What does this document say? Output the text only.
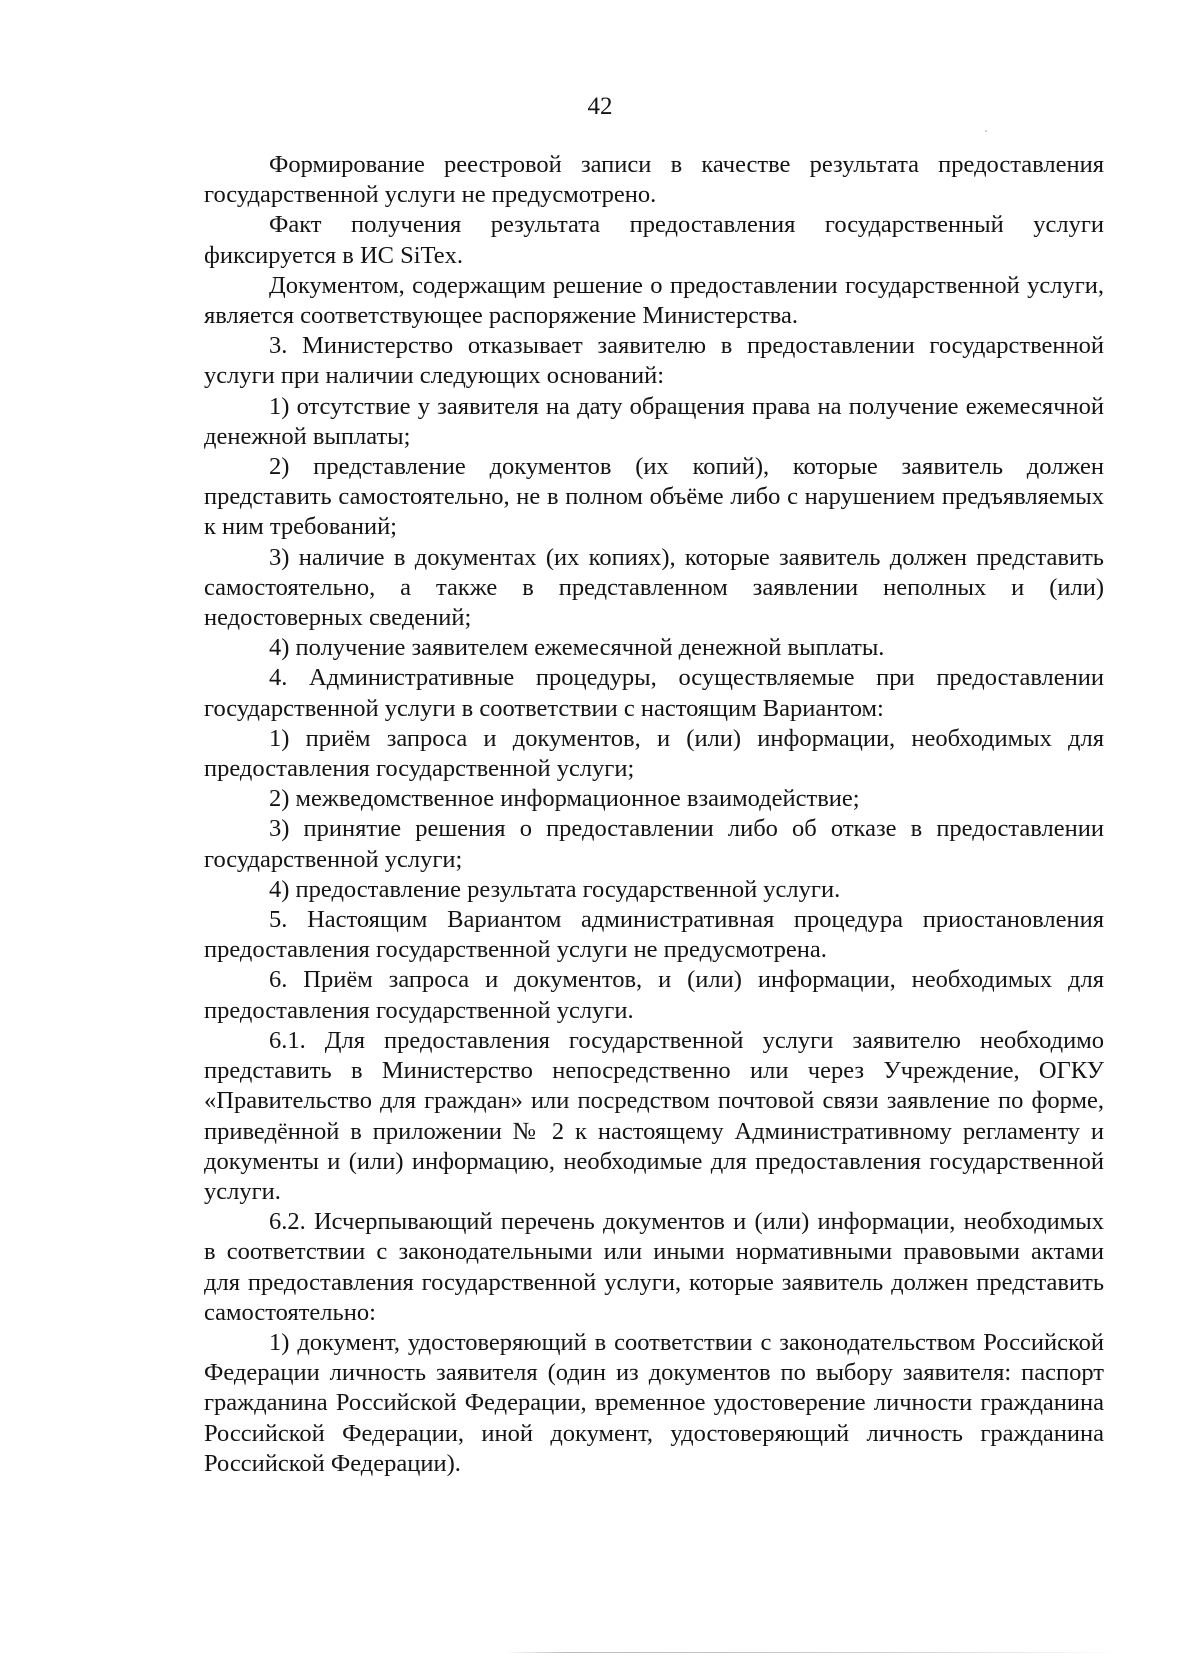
42

Формирование реестровой записи в качестве результата предоставления государственной услуги не предусмотрено.

Факт получения результата предоставления государственный услуги фиксируется в ИС SiTex.

Документом, содержащим решение о предоставлении государственной услуги, является соответствующее распоряжение Министерства.

3. Министерство отказывает заявителю в предоставлении государственной услуги при наличии следующих оснований:

1) отсутствие у заявителя на дату обращения права на получение ежемесячной денежной выплаты;

2) представление документов (их копий), которые заявитель должен представить самостоятельно, не в полном объёме либо с нарушением предъявляемых к ним требований;

3) наличие в документах (их копиях), которые заявитель должен представить самостоятельно, а также в представленном заявлении неполных и (или) недостоверных сведений;

4) получение заявителем ежемесячной денежной выплаты.

4. Административные процедуры, осуществляемые при предоставлении государственной услуги в соответствии с настоящим Вариантом:

1) приём запроса и документов, и (или) информации, необходимых для предоставления государственной услуги;

2) межведомственное информационное взаимодействие;

3) принятие решения о предоставлении либо об отказе в предоставлении государственной услуги;

4) предоставление результата государственной услуги.

5. Настоящим Вариантом административная процедура приостановления предоставления государственной услуги не предусмотрена.

6. Приём запроса и документов, и (или) информации, необходимых для предоставления государственной услуги.

6.1. Для предоставления государственной услуги заявителю необходимо представить в Министерство непосредственно или через Учреждение, ОГКУ «Правительство для граждан» или посредством почтовой связи заявление по форме, приведённой в приложении № 2 к настоящему Административному регламенту и документы и (или) информацию, необходимые для предоставления государственной услуги.

6.2. Исчерпывающий перечень документов и (или) информации, необходимых в соответствии с законодательными или иными нормативными правовыми актами для предоставления государственной услуги, которые заявитель должен представить самостоятельно:

1) документ, удостоверяющий в соответствии с законодательством Российской Федерации личность заявителя (один из документов по выбору заявителя: паспорт гражданина Российской Федерации, временное удостоверение личности гражданина Российской Федерации, иной документ, удостоверяющий личность гражданина Российской Федерации).
